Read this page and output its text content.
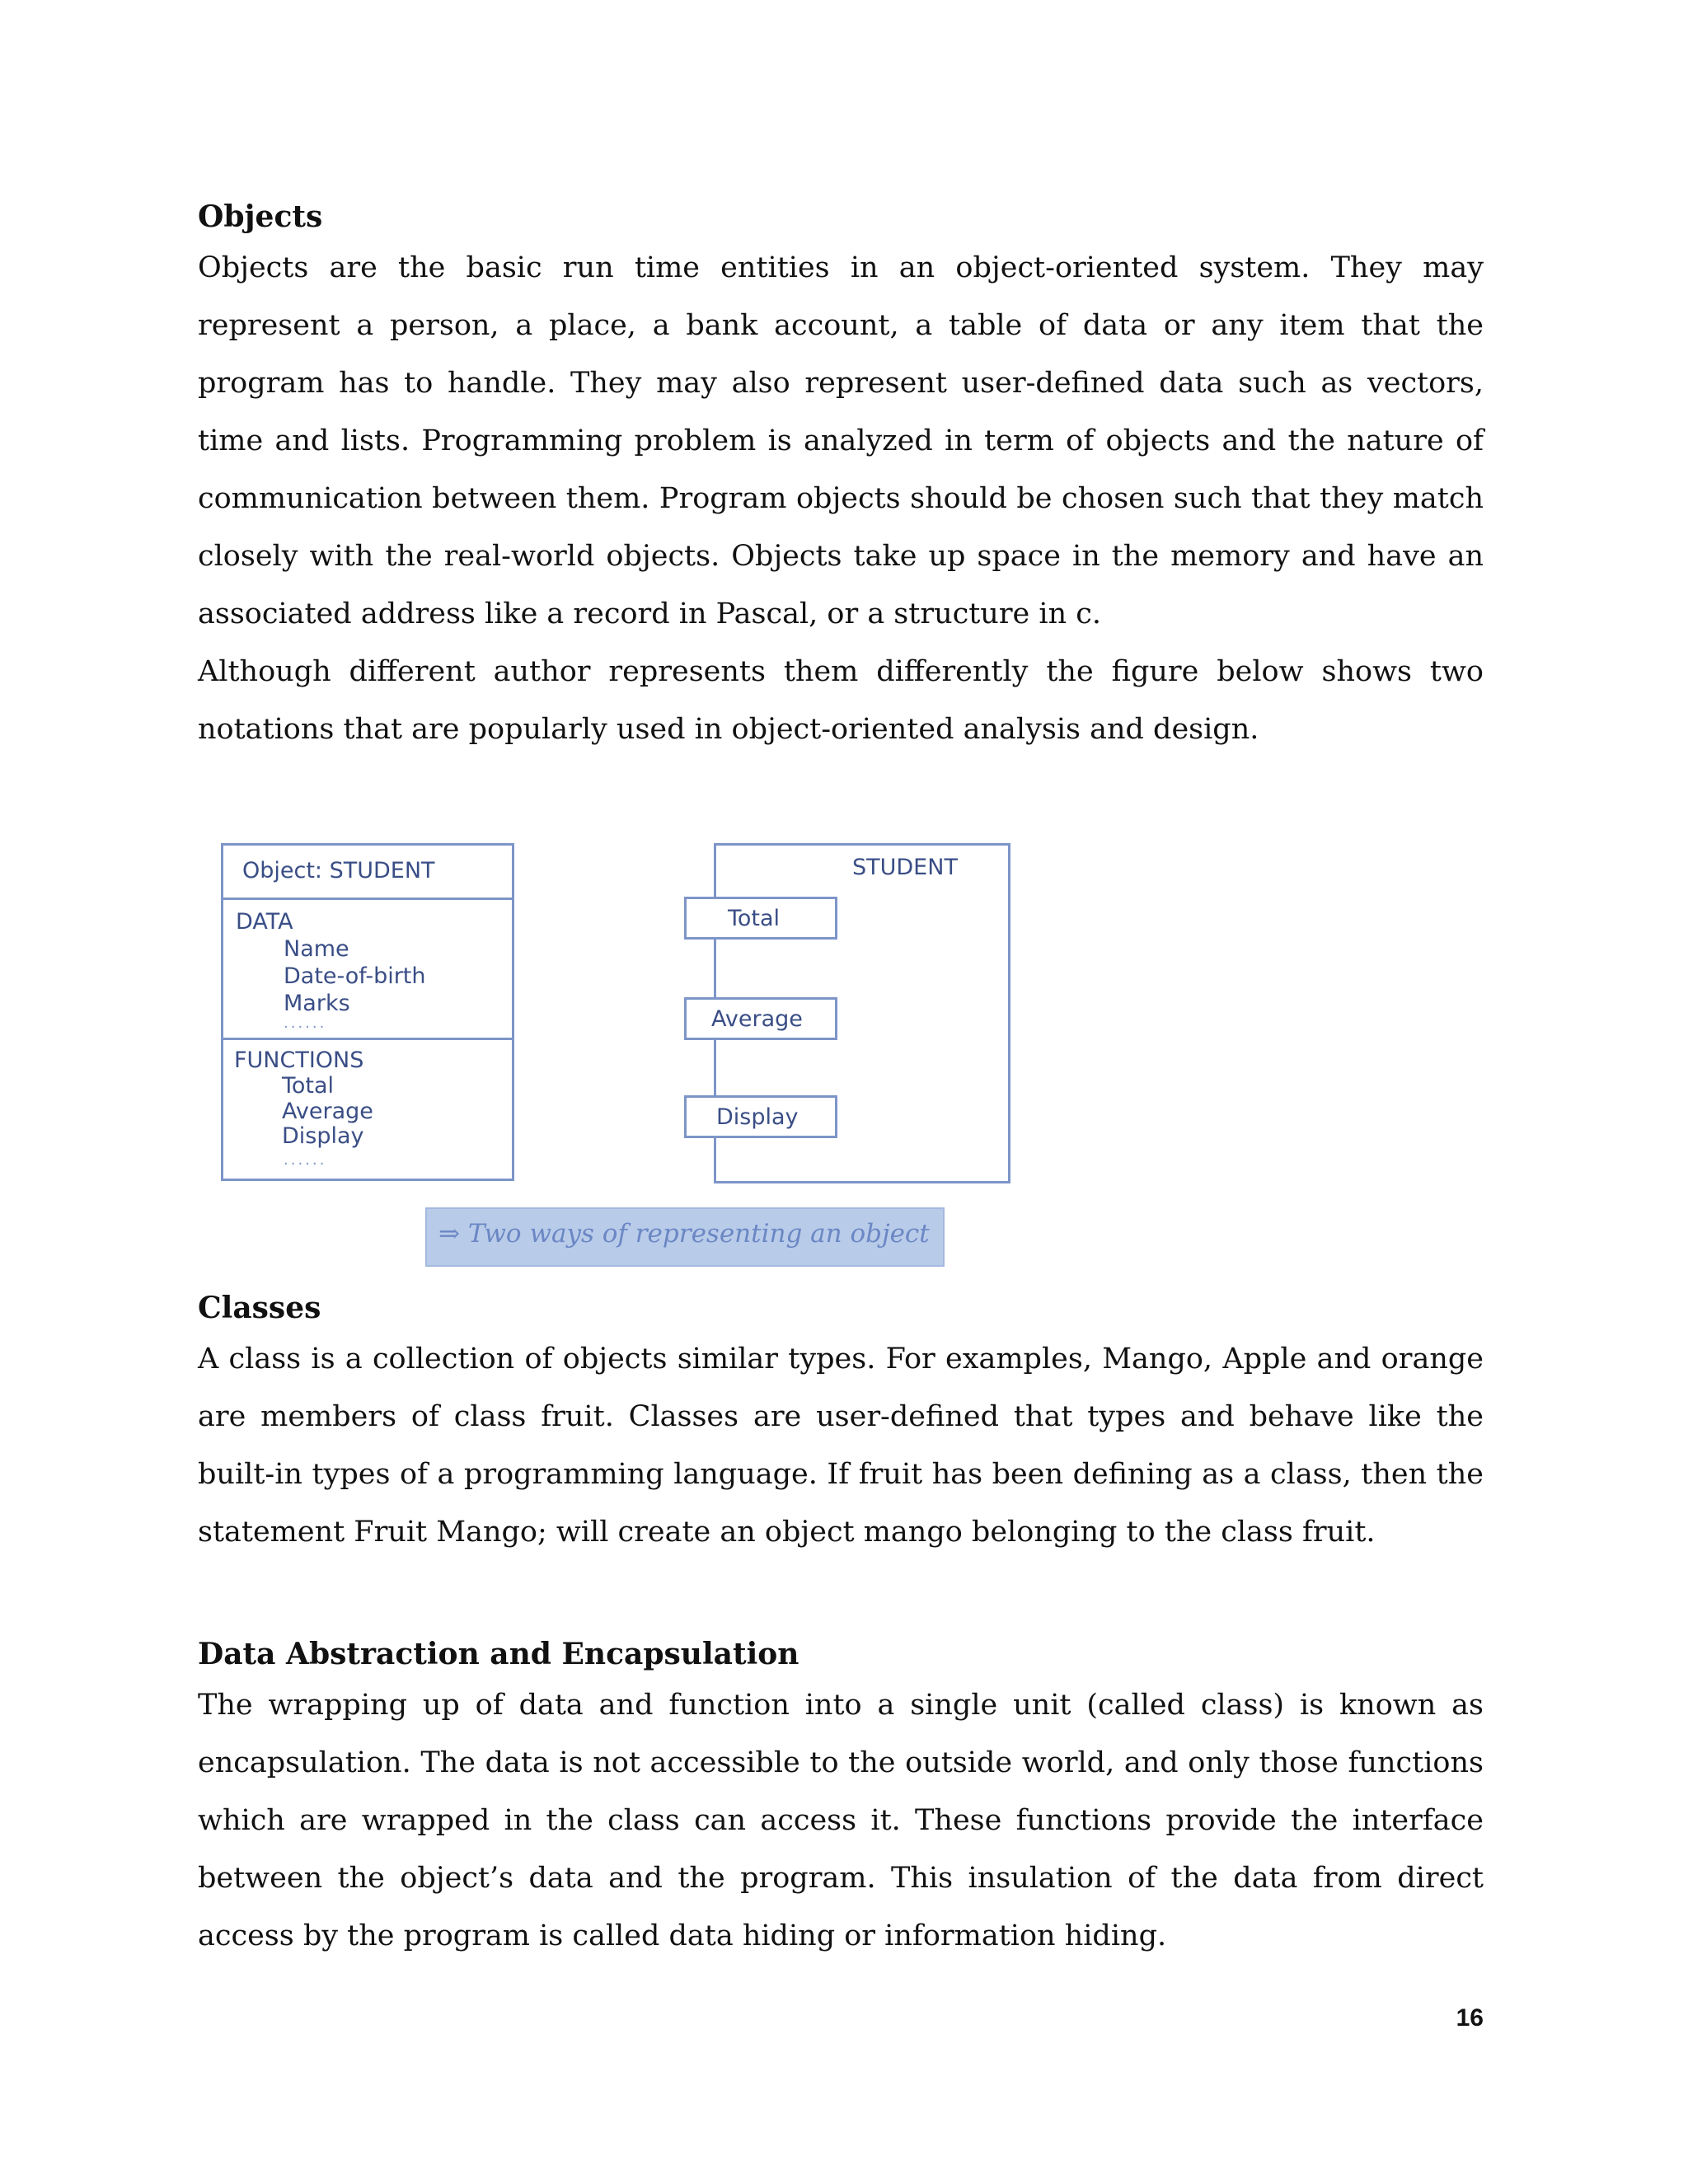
Objects

Objects are the basic run time entities in an object-oriented system. They may represent a person, a place, a bank account, a table of data or any item that the program has to handle. They may also represent user-defined data such as vectors, time and lists. Programming problem is analyzed in term of objects and the nature of communication between them. Program objects should be chosen such that they match closely with the real-world objects. Objects take up space in the memory and have an associated address like a record in Pascal, or a structure in c.

Although different author represents them differently the figure below shows two notations that are popularly used in object-oriented analysis and design.

Object: STUDENT
DATA
Name
Date-of-birth
Marks
......
FUNCTIONS
Total
Average
Display
......
STUDENT
Total
Average
Display
⇒ Two ways of representing an object

Classes

A class is a collection of objects similar types. For examples, Mango, Apple and orange are members of class fruit. Classes are user-defined that types and behave like the built-in types of a programming language. If fruit has been defining as a class, then the statement Fruit Mango; will create an object mango belonging to the class fruit.

Data Abstraction and Encapsulation

The wrapping up of data and function into a single unit (called class) is known as encapsulation. The data is not accessible to the outside world, and only those functions which are wrapped in the class can access it. These functions provide the interface between the object’s data and the program. This insulation of the data from direct access by the program is called data hiding or information hiding.

16
